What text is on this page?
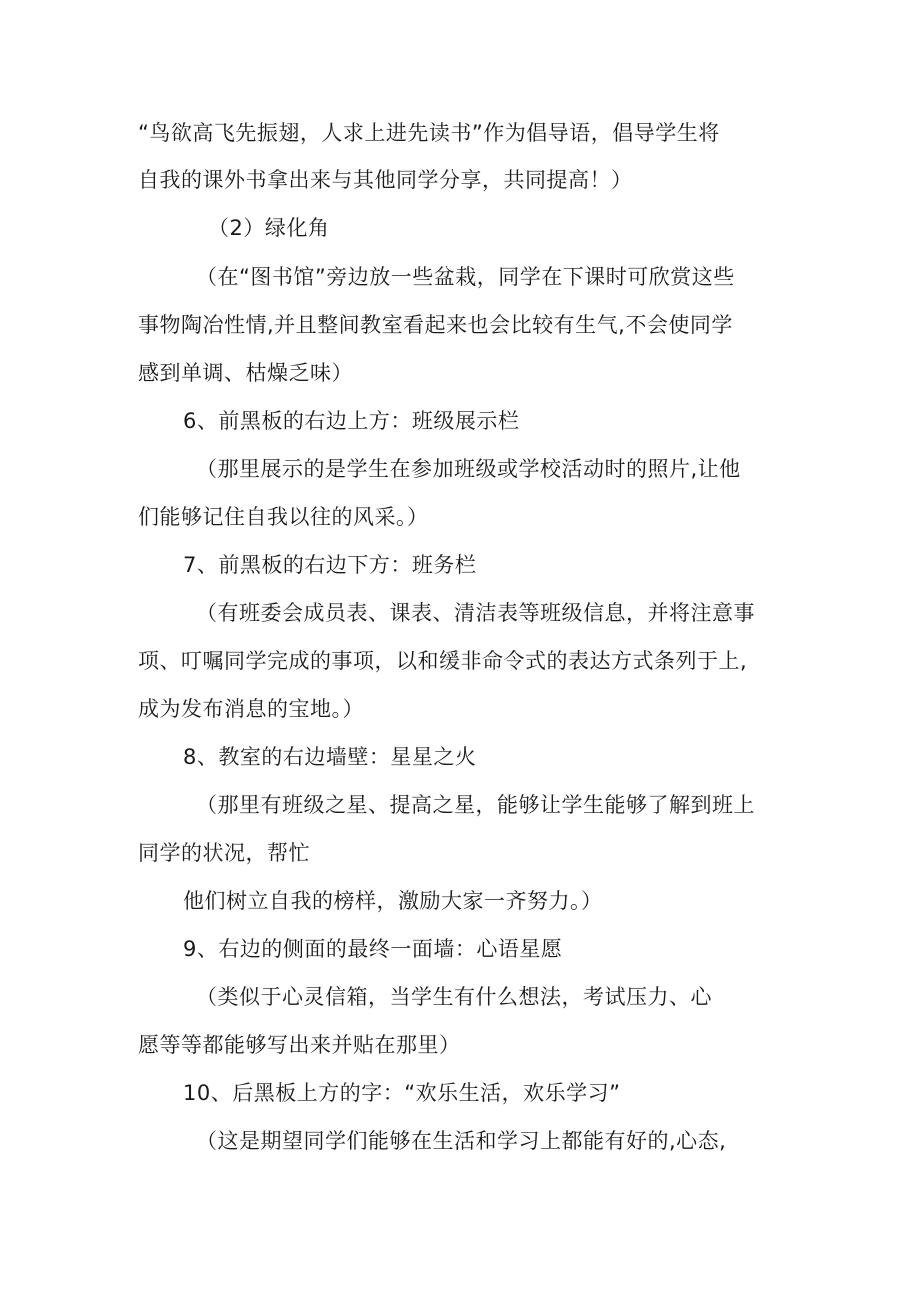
“鸟欲高飞先振翅，人求上进先读书”作为倡导语，倡导学生将
自我的课外书拿出来与其他同学分享，共同提高！）
（2）绿化角
（在“图书馆”旁边放一些盆栽，同学在下课时可欣赏这些
事物陶冶性情,并且整间教室看起来也会比较有生气,不会使同学
感到单调、枯燥乏味）
6、前黑板的右边上方：班级展示栏
（那里展示的是学生在参加班级或学校活动时的照片,让他
们能够记住自我以往的风采。）
7、前黑板的右边下方：班务栏
（有班委会成员表、课表、清洁表等班级信息，并将注意事
项、叮嘱同学完成的事项，以和缓非命令式的表达方式条列于上,
成为发布消息的宝地。）
8、教室的右边墙壁：星星之火
（那里有班级之星、提高之星，能够让学生能够了解到班上
同学的状况，帮忙
他们树立自我的榜样，激励大家一齐努力。）
9、右边的侧面的最终一面墙：心语星愿
（类似于心灵信箱，当学生有什么想法，考试压力、心
愿等等都能够写出来并贴在那里）
10、后黑板上方的字：“欢乐生活，欢乐学习”
（这是期望同学们能够在生活和学习上都能有好的,心态,
